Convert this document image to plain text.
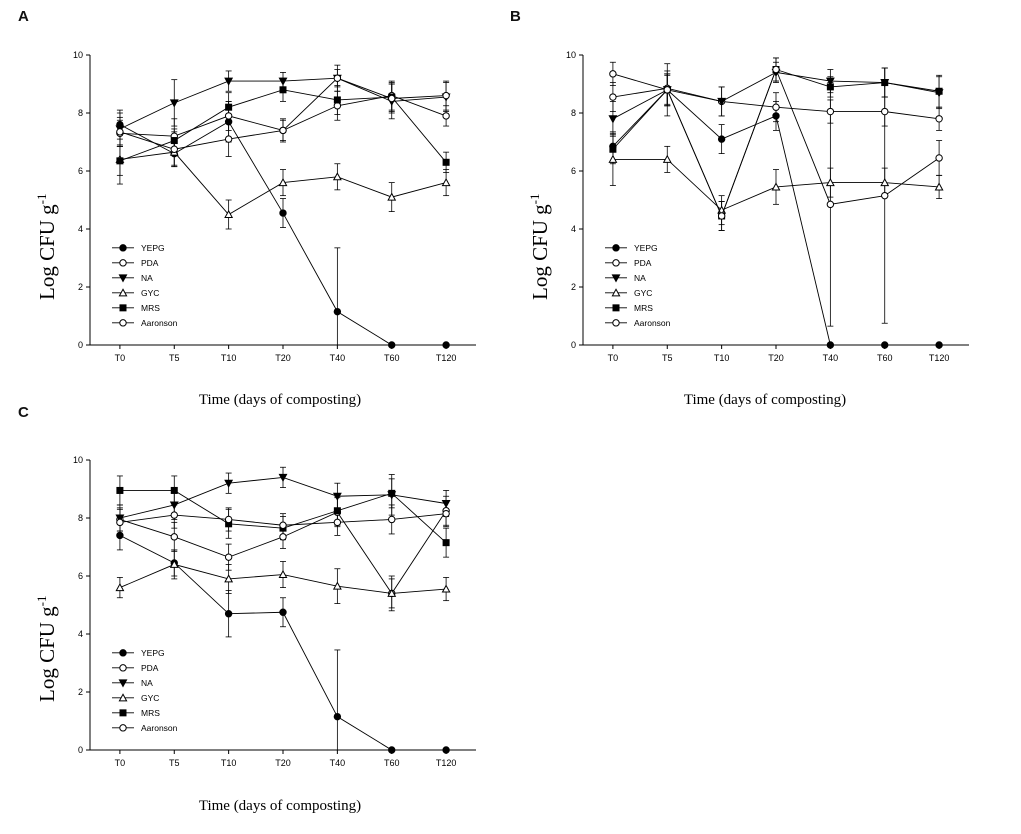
A
Log CFU $g^{-1}$
Time (days of composting)
0
2
4
6
8
10
T0	T5	T10	T20	T40	T60	T120
YEPG
PDA
NA
GYC
MRS
Aaronson
B
Log CFU $g^{-1}$
Time (days of composting)
0
2
4
6
8
10
T0	T5	T10	T20	T40	T60	T120
YEPG
PDA
NA
GYC
MRS
Aaronson
C
Log CFU $g^{-1}$
Time (days of composting)
0
2
4
6
8
10
T0	T5	T10	T20	T40	T60	T120
YEPG
PDA
NA
GYC
MRS
Aaronson
